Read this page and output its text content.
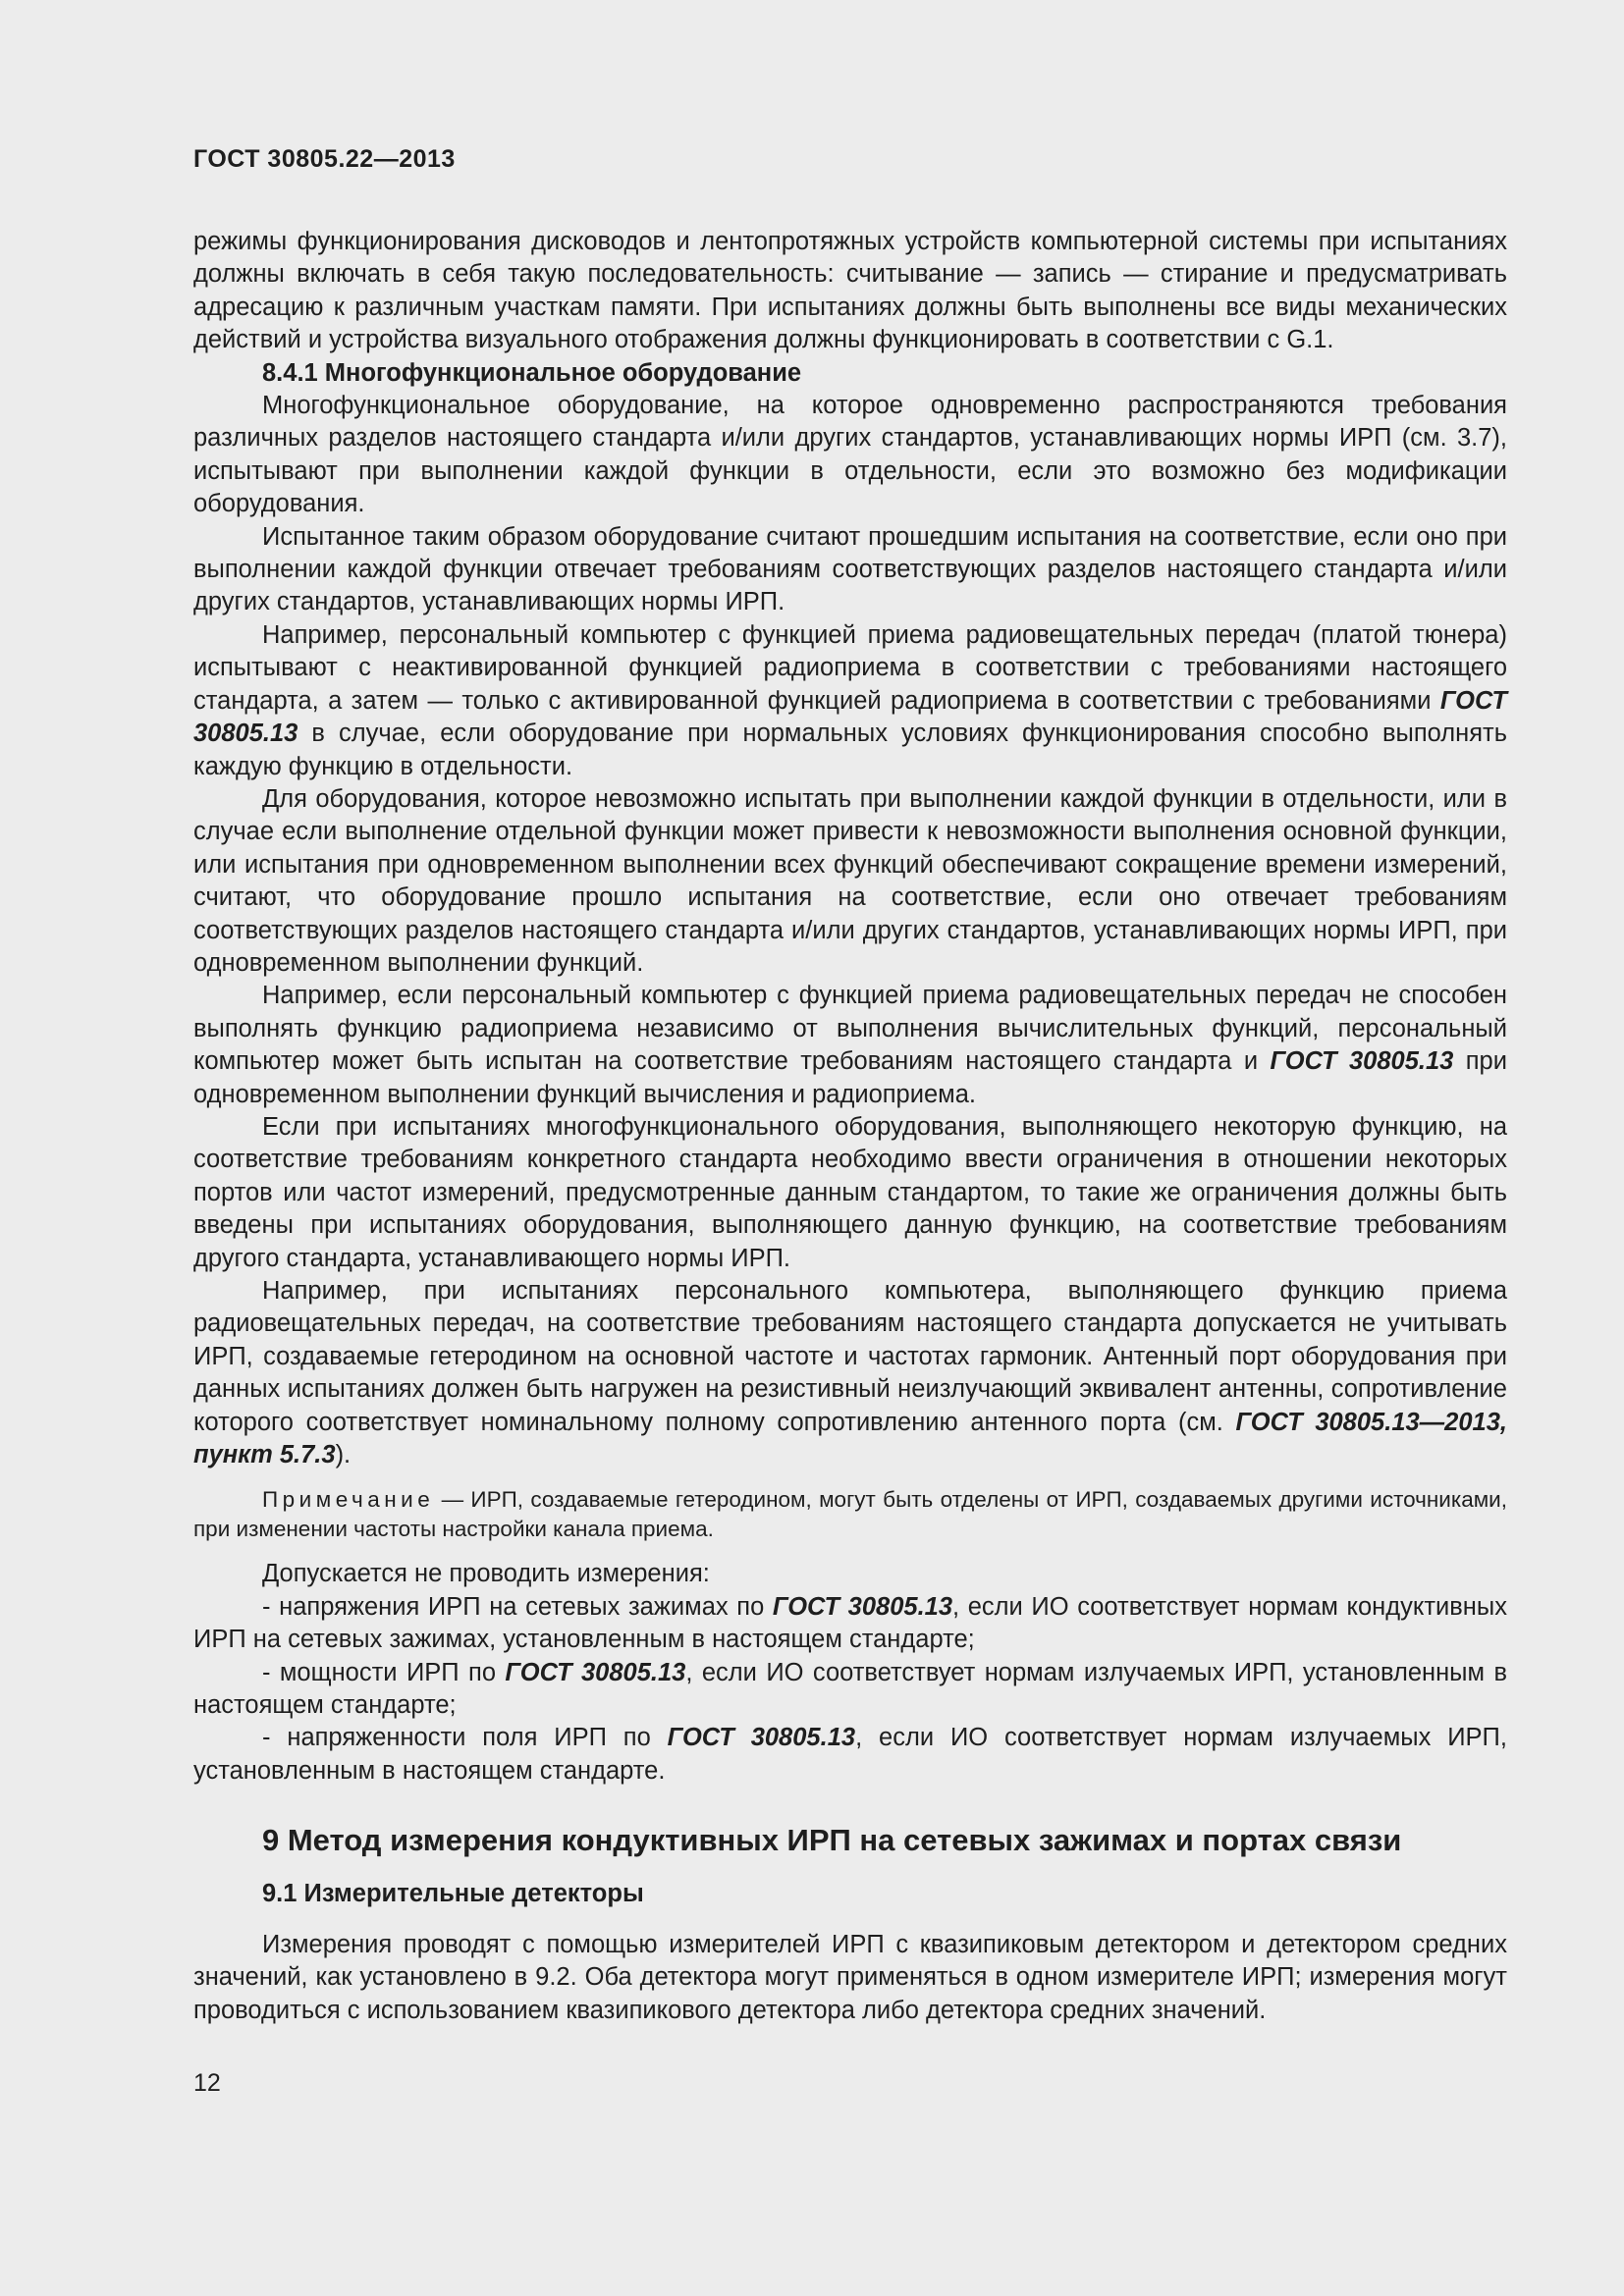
ГОСТ 30805.22—2013

режимы функционирования дисководов и лентопротяжных устройств компьютерной системы при испытаниях должны включать в себя такую последовательность: считывание — запись — стирание и предусматривать адресацию к различным участкам памяти. При испытаниях должны быть выполнены все виды механических действий и устройства визуального отображения должны функционировать в соответствии с G.1.

8.4.1 Многофункциональное оборудование

Многофункциональное оборудование, на которое одновременно распространяются требования различных разделов настоящего стандарта и/или других стандартов, устанавливающих нормы ИРП (см. 3.7), испытывают при выполнении каждой функции в отдельности, если это возможно без модификации оборудования.

Испытанное таким образом оборудование считают прошедшим испытания на соответствие, если оно при выполнении каждой функции отвечает требованиям соответствующих разделов настоящего стандарта и/или других стандартов, устанавливающих нормы ИРП.

Например, персональный компьютер с функцией приема радиовещательных передач (платой тюнера) испытывают с неактивированной функцией радиоприема в соответствии с требованиями настоящего стандарта, а затем — только с активированной функцией радиоприема в соответствии с требованиями ГОСТ 30805.13 в случае, если оборудование при нормальных условиях функционирования способно выполнять каждую функцию в отдельности.

Для оборудования, которое невозможно испытать при выполнении каждой функции в отдельности, или в случае если выполнение отдельной функции может привести к невозможности выполнения основной функции, или испытания при одновременном выполнении всех функций обеспечивают сокращение времени измерений, считают, что оборудование прошло испытания на соответствие, если оно отвечает требованиям соответствующих разделов настоящего стандарта и/или других стандартов, устанавливающих нормы ИРП, при одновременном выполнении функций.

Например, если персональный компьютер с функцией приема радиовещательных передач не способен выполнять функцию радиоприема независимо от выполнения вычислительных функций, персональный компьютер может быть испытан на соответствие требованиям настоящего стандарта и ГОСТ 30805.13 при одновременном выполнении функций вычисления и радиоприема.

Если при испытаниях многофункционального оборудования, выполняющего некоторую функцию, на соответствие требованиям конкретного стандарта необходимо ввести ограничения в отношении некоторых портов или частот измерений, предусмотренные данным стандартом, то такие же ограничения должны быть введены при испытаниях оборудования, выполняющего данную функцию, на соответствие требованиям другого стандарта, устанавливающего нормы ИРП.

Например, при испытаниях персонального компьютера, выполняющего функцию приема радиовещательных передач, на соответствие требованиям настоящего стандарта допускается не учитывать ИРП, создаваемые гетеродином на основной частоте и частотах гармоник. Антенный порт оборудования при данных испытаниях должен быть нагружен на резистивный неизлучающий эквивалент антенны, сопротивление которого соответствует номинальному полному сопротивлению антенного порта (см. ГОСТ 30805.13—2013, пункт 5.7.3).

Примечание — ИРП, создаваемые гетеродином, могут быть отделены от ИРП, создаваемых другими источниками, при изменении частоты настройки канала приема.

Допускается не проводить измерения:

- напряжения ИРП на сетевых зажимах по ГОСТ 30805.13, если ИО соответствует нормам кондуктивных ИРП на сетевых зажимах, установленным в настоящем стандарте;

- мощности ИРП по ГОСТ 30805.13, если ИО соответствует нормам излучаемых ИРП, установленным в настоящем стандарте;

- напряженности поля ИРП по ГОСТ 30805.13, если ИО соответствует нормам излучаемых ИРП, установленным в настоящем стандарте.

9 Метод измерения кондуктивных ИРП на сетевых зажимах и портах связи
9.1 Измерительные детекторы

Измерения проводят с помощью измерителей ИРП с квазипиковым детектором и детектором средних значений, как установлено в 9.2. Оба детектора могут применяться в одном измерителе ИРП; измерения могут проводиться с использованием квазипикового детектора либо детектора средних значений.

12
